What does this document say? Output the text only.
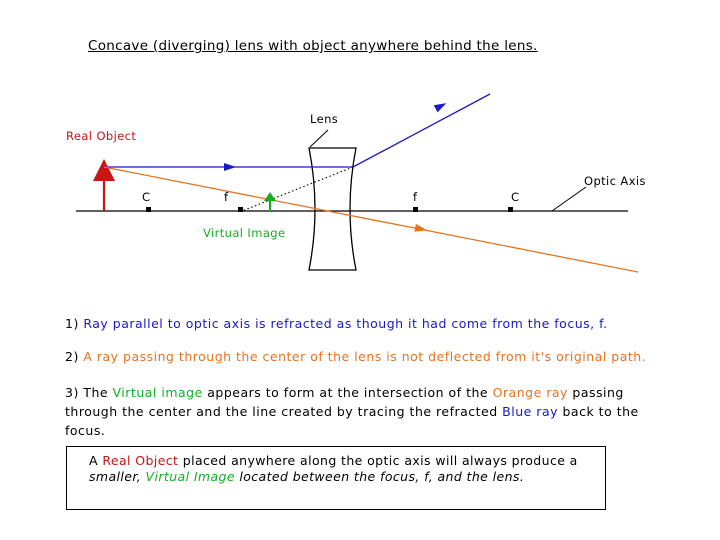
Concave (diverging) lens with object anywhere behind the lens.
Lens
Real Object
Optic Axis
C	f	f	C
Virtual Image
1) Ray parallel to optic axis is refracted as though it had come from the focus, f.
2) A ray passing through the center of the lens is not deflected from it's original path.
3) The Virtual image appears to form at the intersection of the Orange ray passing through the center and the line created by tracing the refracted Blue ray back to the focus.
A Real Object placed anywhere along the optic axis will always produce a smaller, Virtual Image located between the focus, f, and the lens.
